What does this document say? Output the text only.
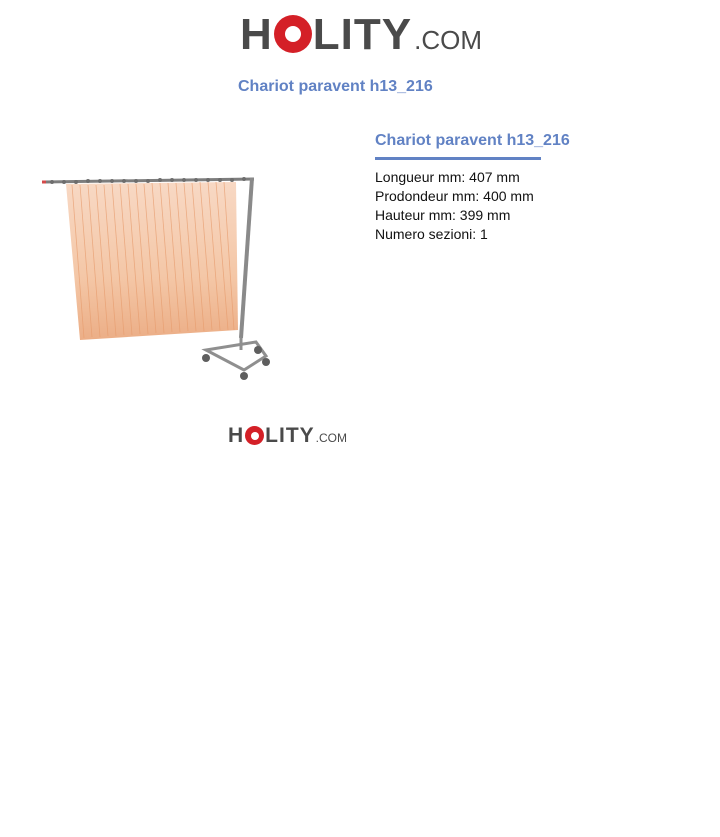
H LITY .COM
Chariot paravent h13_216
H LITY .COM
Chariot paravent h13_216
Longueur mm: 407 mm
Prodondeur mm: 400 mm
Hauteur mm: 399 mm
Numero sezioni: 1
